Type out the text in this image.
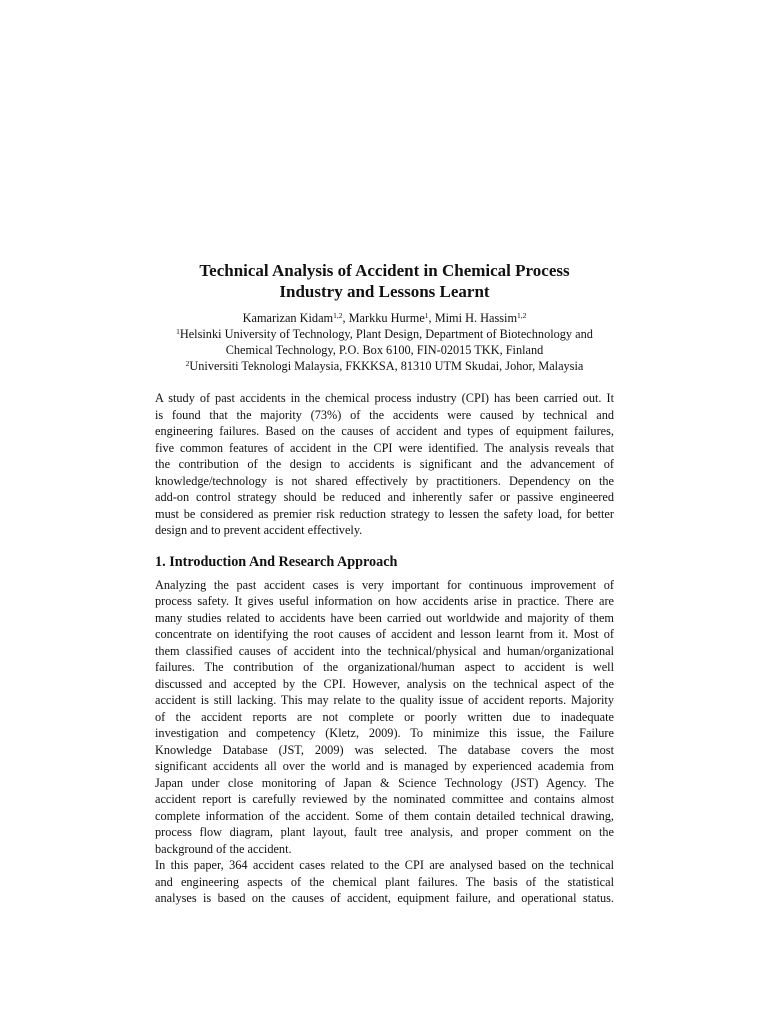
Technical Analysis of Accident in Chemical Process
Industry and Lessons Learnt

Kamarizan Kidam$^{1,2}$, Markku Hurme$^1$, Mimi H. Hassim$^{1,2}$

$^1$Helsinki University of Technology, Plant Design, Department of Biotechnology and
Chemical Technology, P.O. Box 6100, FIN-02015 TKK, Finland
$^2$Universiti Teknologi Malaysia, FKKKSA, 81310 UTM Skudai, Johor, Malaysia
A study of past accidents in the chemical process industry (CPI) has been carried out. It
is found that the majority (73%) of the accidents were caused by technical and
engineering failures. Based on the causes of accident and types of equipment failures,
five common features of accident in the CPI were identified. The analysis reveals that
the contribution of the design to accidents is significant and the advancement of
knowledge/technology is not shared effectively by practitioners. Dependency on the
add-on control strategy should be reduced and inherently safer or passive engineered
must be considered as premier risk reduction strategy to lessen the safety load, for better
design and to prevent accident effectively.
1. Introduction And Research Approach
Analyzing the past accident cases is very important for continuous improvement of
process safety. It gives useful information on how accidents arise in practice. There are
many studies related to accidents have been carried out worldwide and majority of them
concentrate on identifying the root causes of accident and lesson learnt from it. Most of
them classified causes of accident into the technical/physical and human/organizational
failures. The contribution of the organizational/human aspect to accident is well
discussed and accepted by the CPI. However, analysis on the technical aspect of the
accident is still lacking. This may relate to the quality issue of accident reports. Majority
of the accident reports are not complete or poorly written due to inadequate
investigation and competency (Kletz, 2009). To minimize this issue, the Failure
Knowledge Database (JST, 2009) was selected. The database covers the most
significant accidents all over the world and is managed by experienced academia from
Japan under close monitoring of Japan & Science Technology (JST) Agency. The
accident report is carefully reviewed by the nominated committee and contains almost
complete information of the accident. Some of them contain detailed technical drawing,
process flow diagram, plant layout, fault tree analysis, and proper comment on the
background of the accident.
In this paper, 364 accident cases related to the CPI are analysed based on the technical
and engineering aspects of the chemical plant failures. The basis of the statistical
analyses is based on the causes of accident, equipment failure, and operational status.
